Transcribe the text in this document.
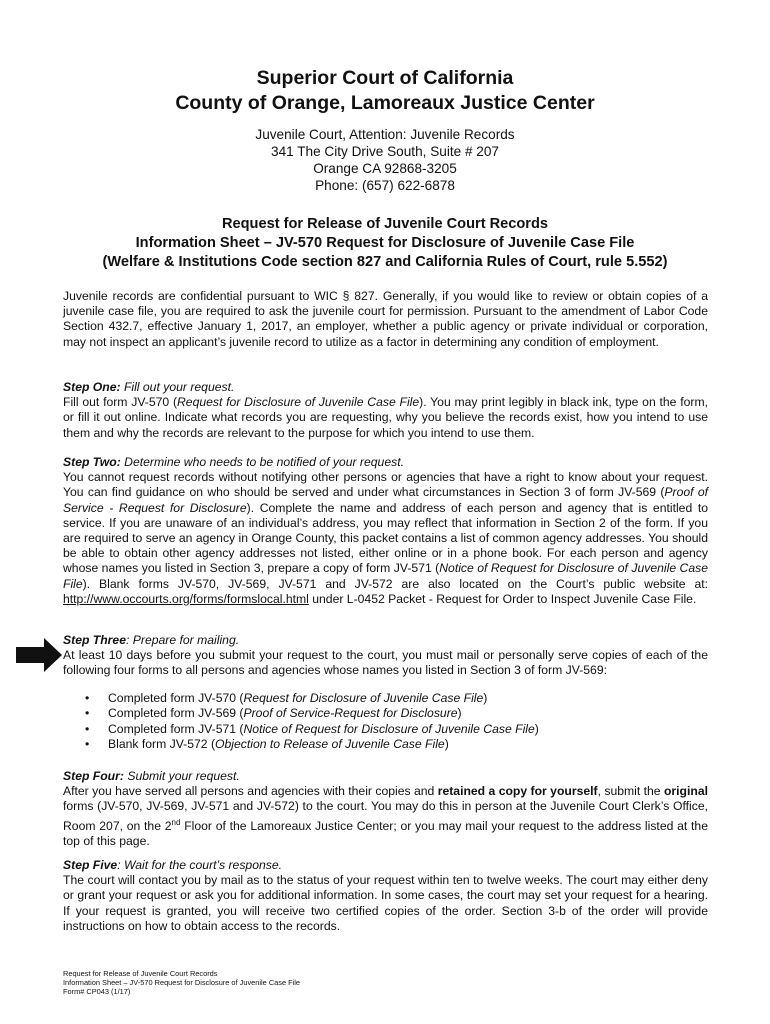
Superior Court of California
County of Orange, Lamoreaux Justice Center
Juvenile Court, Attention: Juvenile Records
341 The City Drive South, Suite # 207
Orange CA 92868-3205
Phone: (657) 622-6878
Request for Release of Juvenile Court Records
Information Sheet – JV-570 Request for Disclosure of Juvenile Case File
(Welfare & Institutions Code section 827 and California Rules of Court, rule 5.552)

Juvenile records are confidential pursuant to WIC § 827. Generally, if you would like to review or obtain copies of a juvenile case file, you are required to ask the juvenile court for permission. Pursuant to the amendment of Labor Code Section 432.7, effective January 1, 2017, an employer, whether a public agency or private individual or corporation, may not inspect an applicant’s juvenile record to utilize as a factor in determining any condition of employment.

Step One: Fill out your request.

Fill out form JV-570 (Request for Disclosure of Juvenile Case File). You may print legibly in black ink, type on the form, or fill it out online. Indicate what records you are requesting, why you believe the records exist, how you intend to use them and why the records are relevant to the purpose for which you intend to use them.

Step Two: Determine who needs to be notified of your request.

You cannot request records without notifying other persons or agencies that have a right to know about your request. You can find guidance on who should be served and under what circumstances in Section 3 of form JV-569 (Proof of Service - Request for Disclosure). Complete the name and address of each person and agency that is entitled to service. If you are unaware of an individual’s address, you may reflect that information in Section 2 of the form. If you are required to serve an agency in Orange County, this packet contains a list of common agency addresses. You should be able to obtain other agency addresses not listed, either online or in a phone book. For each person and agency whose names you listed in Section 3, prepare a copy of form JV-571 (Notice of Request for Disclosure of Juvenile Case File). Blank forms JV-570, JV-569, JV-571 and JV-572 are also located on the Court’s public website at: http://www.occourts.org/forms/formslocal.html under L-0452 Packet - Request for Order to Inspect Juvenile Case File.

Step Three: Prepare for mailing.

At least 10 days before you submit your request to the court, you must mail or personally serve copies of each of the following four forms to all persons and agencies whose names you listed in Section 3 of form JV-569:

• Completed form JV-570 (Request for Disclosure of Juvenile Case File)
• Completed form JV-569 (Proof of Service-Request for Disclosure)
• Completed form JV-571 (Notice of Request for Disclosure of Juvenile Case File)
• Blank form JV-572 (Objection to Release of Juvenile Case File)

Step Four: Submit your request.

After you have served all persons and agencies with their copies and retained a copy for yourself, submit the original forms (JV-570, JV-569, JV-571 and JV-572) to the court. You may do this in person at the Juvenile Court Clerk’s Office, Room 207, on the 2nd Floor of the Lamoreaux Justice Center; or you may mail your request to the address listed at the top of this page.

Step Five: Wait for the court’s response.

The court will contact you by mail as to the status of your request within ten to twelve weeks. The court may either deny or grant your request or ask you for additional information. In some cases, the court may set your request for a hearing. If your request is granted, you will receive two certified copies of the order. Section 3-b of the order will provide instructions on how to obtain access to the records.

Request for Release of Juvenile Court Records
Information Sheet – JV-570 Request for Disclosure of Juvenile Case File
Form# CP043 (1/17)
